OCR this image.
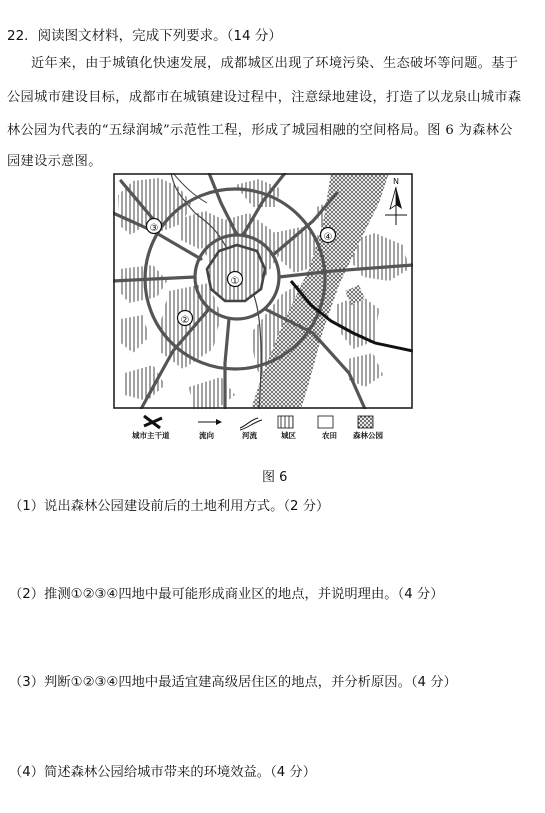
22．阅读图文材料，完成下列要求。（14 分）
近年来，由于城镇化快速发展，成都城区出现了环境污染、生态破坏等问题。基于
公园城市建设目标，成都市在城镇建设过程中，注意绿地建设，打造了以龙泉山城市森
林公园为代表的“五绿润城”示范性工程，形成了城园相融的空间格局。图 6 为森林公
园建设示意图。
①
②
③
④
N
城市主干道	流向	河流	城区	农田 森林公园
图 6
（1）说出森林公园建设前后的土地利用方式。（2 分）
（2）推测①②③④四地中最可能形成商业区的地点，并说明理由。（4 分）
（3）判断①②③④四地中最适宜建高级居住区的地点，并分析原因。（4 分）
（4）简述森林公园给城市带来的环境效益。（4 分）
